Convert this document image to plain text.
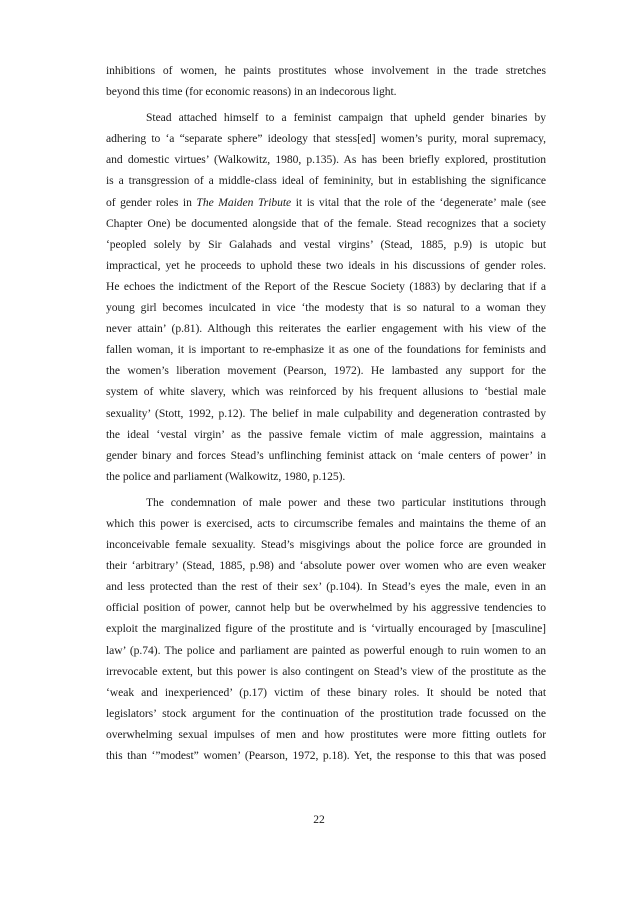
inhibitions of women, he paints prostitutes whose involvement in the trade stretches
beyond this time (for economic reasons) in an indecorous light.
Stead attached himself to a feminist campaign that upheld gender binaries by
adhering to ‘a “separate sphere” ideology that stess[ed] women’s purity, moral supremacy,
and domestic virtues’ (Walkowitz, 1980, p.135). As has been briefly explored, prostitution
is a transgression of a middle-class ideal of femininity, but in establishing the significance
of gender roles in The Maiden Tribute it is vital that the role of the ‘degenerate’ male (see
Chapter One) be documented alongside that of the female. Stead recognizes that a society
‘peopled solely by Sir Galahads and vestal virgins’ (Stead, 1885, p.9) is utopic but
impractical, yet he proceeds to uphold these two ideals in his discussions of gender roles.
He echoes the indictment of the Report of the Rescue Society (1883) by declaring that if a
young girl becomes inculcated in vice ‘the modesty that is so natural to a woman they
never attain’ (p.81). Although this reiterates the earlier engagement with his view of the
fallen woman, it is important to re-emphasize it as one of the foundations for feminists and
the women’s liberation movement (Pearson, 1972). He lambasted any support for the
system of white slavery, which was reinforced by his frequent allusions to ‘bestial male
sexuality’ (Stott, 1992, p.12). The belief in male culpability and degeneration contrasted by
the ideal ‘vestal virgin’ as the passive female victim of male aggression, maintains a
gender binary and forces Stead’s unflinching feminist attack on ‘male centers of power’ in
the police and parliament (Walkowitz, 1980, p.125).
The condemnation of male power and these two particular institutions through
which this power is exercised, acts to circumscribe females and maintains the theme of an
inconceivable female sexuality. Stead’s misgivings about the police force are grounded in
their ‘arbitrary’ (Stead, 1885, p.98) and ‘absolute power over women who are even weaker
and less protected than the rest of their sex’ (p.104). In Stead’s eyes the male, even in an
official position of power, cannot help but be overwhelmed by his aggressive tendencies to
exploit the marginalized figure of the prostitute and is ‘virtually encouraged by [masculine]
law’ (p.74). The police and parliament are painted as powerful enough to ruin women to an
irrevocable extent, but this power is also contingent on Stead’s view of the prostitute as the
‘weak and inexperienced’ (p.17) victim of these binary roles. It should be noted that
legislators’ stock argument for the continuation of the prostitution trade focussed on the
overwhelming sexual impulses of men and how prostitutes were more fitting outlets for
this than ‘”modest” women’ (Pearson, 1972, p.18). Yet, the response to this that was posed
22
